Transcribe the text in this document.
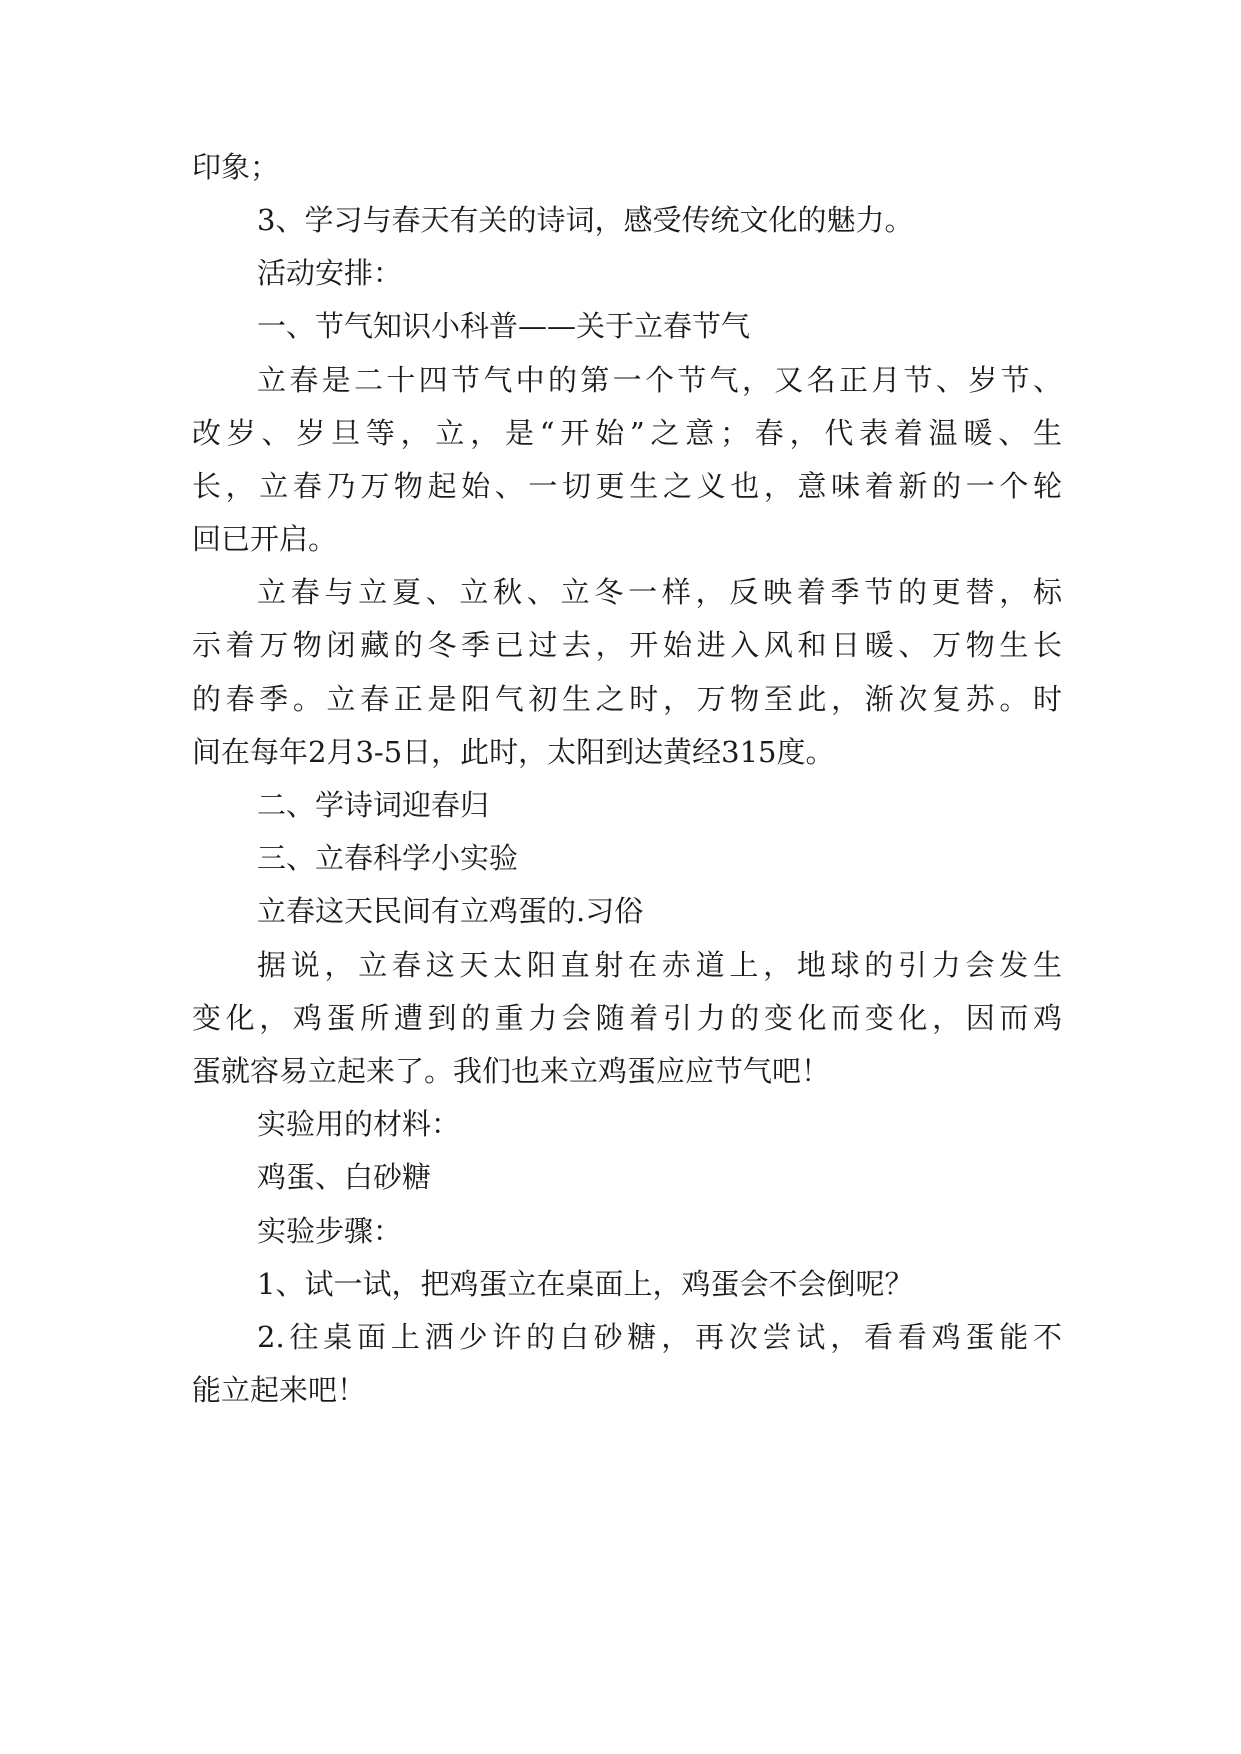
印象；
3、学习与春天有关的诗词，感受传统文化的魅力。
活动安排：
一、节气知识小科普——关于立春节气
立春是二十四节气中的第一个节气，又名正月节、岁节、
改岁、岁旦等，立，是“开始”之意；春，代表着温暖、生
长，立春乃万物起始、一切更生之义也，意味着新的一个轮
回已开启。
立春与立夏、立秋、立冬一样，反映着季节的更替，标
示着万物闭藏的冬季已过去，开始进入风和日暖、万物生长
的春季。立春正是阳气初生之时，万物至此，渐次复苏。时
间在每年2月3-5日，此时，太阳到达黄经315度。
二、学诗词迎春归
三、立春科学小实验
立春这天民间有立鸡蛋的.习俗
据说，立春这天太阳直射在赤道上，地球的引力会发生
变化，鸡蛋所遭到的重力会随着引力的变化而变化，因而鸡
蛋就容易立起来了。我们也来立鸡蛋应应节气吧！
实验用的材料：
鸡蛋、白砂糖
实验步骤：
1、试一试，把鸡蛋立在桌面上，鸡蛋会不会倒呢？
2.往桌面上洒少许的白砂糖，再次尝试，看看鸡蛋能不
能立起来吧！
